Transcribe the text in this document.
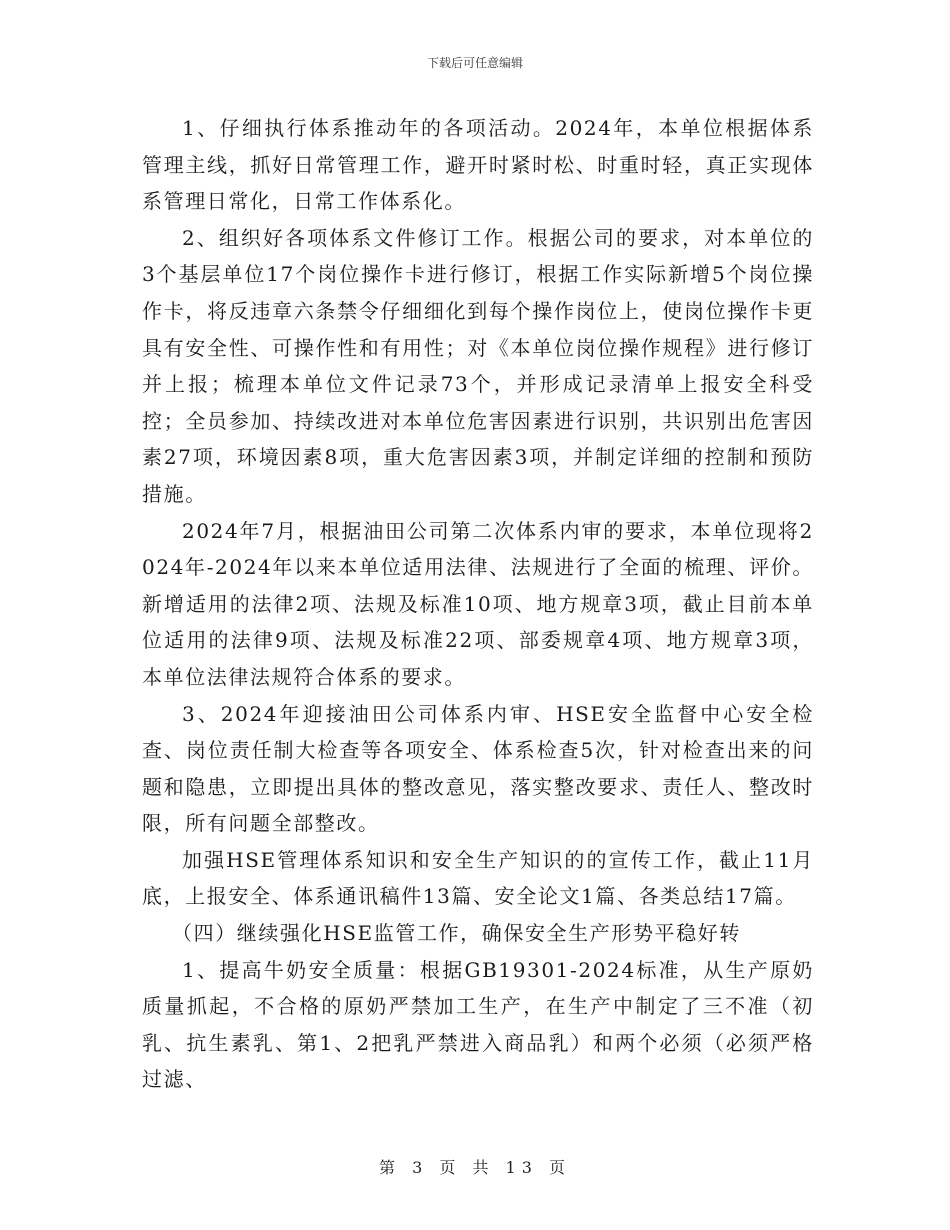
下载后可任意编辑

1、仔细执行体系推动年的各项活动。2024年，本单位根据体系管理主线，抓好日常管理工作，避开时紧时松、时重时轻，真正实现体系管理日常化，日常工作体系化。

2、组织好各项体系文件修订工作。根据公司的要求，对本单位的3个基层单位17个岗位操作卡进行修订，根据工作实际新增5个岗位操作卡，将反违章六条禁令仔细细化到每个操作岗位上，使岗位操作卡更具有安全性、可操作性和有用性；对《本单位岗位操作规程》进行修订并上报；梳理本单位文件记录73个，并形成记录清单上报安全科受控；全员参加、持续改进对本单位危害因素进行识别，共识别出危害因素27项，环境因素8项，重大危害因素3项，并制定详细的控制和预防措施。

2024年7月，根据油田公司第二次体系内审的要求，本单位现将2024年-2024年以来本单位适用法律、法规进行了全面的梳理、评价。新增适用的法律2项、法规及标准10项、地方规章3项，截止目前本单位适用的法律9项、法规及标准22项、部委规章4项、地方规章3项，本单位法律法规符合体系的要求。

3、2024年迎接油田公司体系内审、HSE安全监督中心安全检查、岗位责任制大检查等各项安全、体系检查5次，针对检查出来的问题和隐患，立即提出具体的整改意见，落实整改要求、责任人、整改时限，所有问题全部整改。

加强HSE管理体系知识和安全生产知识的的宣传工作，截止11月底，上报安全、体系通讯稿件13篇、安全论文1篇、各类总结17篇。

（四）继续强化HSE监管工作，确保安全生产形势平稳好转

1、提高牛奶安全质量：根据GB19301-2024标准，从生产原奶质量抓起，不合格的原奶严禁加工生产，在生产中制定了三不准（初乳、抗生素乳、第1、2把乳严禁进入商品乳）和两个必须（必须严格过滤、

第 3 页 共 13 页
